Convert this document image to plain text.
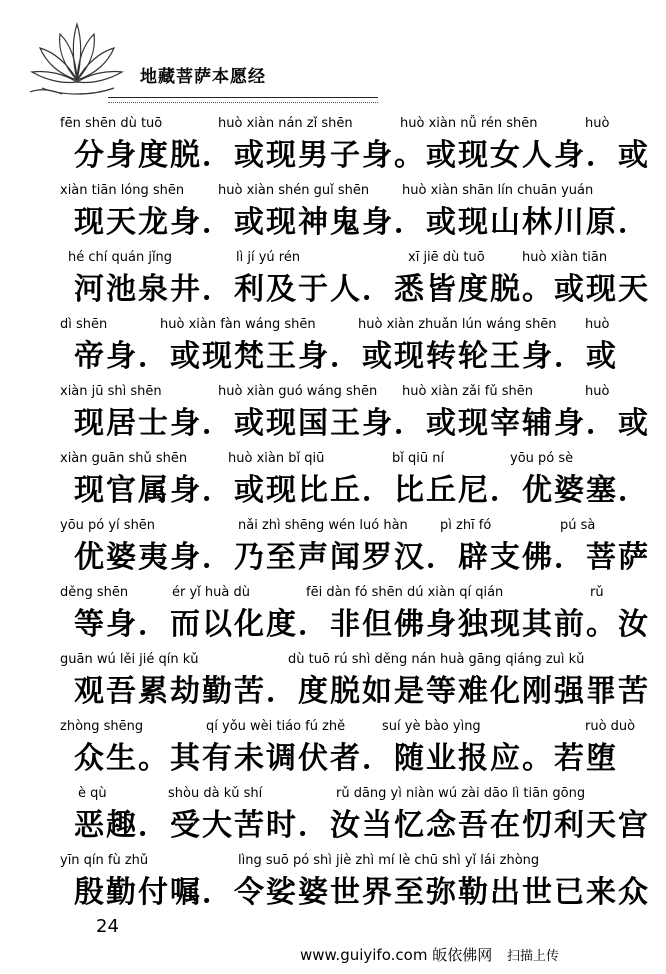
地藏菩萨本愿经
fēn shēn dù tuō	huò xiàn nán zǐ shēn	huò xiàn nǚ rén shēn	huò
分身度脱．或现男子身。或现女人身．或
xiàn tiān lóng shēn	huò xiàn shén guǐ shēn	huò xiàn shān lín chuān yuán
现天龙身．或现神鬼身．或现山林川原．
hé chí quán jǐng	lì jí yú rén	xī jiē dù tuō	huò xiàn tiān
河池泉井．利及于人．悉皆度脱。或现天
dì shēn	huò xiàn fàn wáng shēn	huò xiàn zhuǎn lún wáng shēn huò
帝身．或现梵王身．或现转轮王身．或
xiàn jū shì shēn	huò xiàn guó wáng shēn huò xiàn zǎi fǔ shēn	huò
现居士身．或现国王身．或现宰辅身．或
xiàn guān shǔ shēn	huò xiàn bǐ qiū	bǐ qiū ní	yōu pó sè
现官属身．或现比丘．比丘尼．优婆塞．
yōu pó yí shēn	nǎi zhì shēng wén luó hàn pì zhī fó	pú sà
优婆夷身．乃至声闻罗汉．辟支佛．菩萨
děng shēn	ér yǐ huà dù	fēi dàn fó shēn dú xiàn qí qián	rǔ
等身．而以化度．非但佛身独现其前。汝
guān wú lěi jié qín kǔ	dù tuō rú shì děng nán huà gāng qiáng zuì kǔ
观吾累劫勤苦．度脱如是等难化刚强罪苦
zhòng shēng	qí yǒu wèi tiáo fú zhě	suí yè bào yìng	ruò duò
众生。其有未调伏者．随业报应。若堕
è qù	shòu dà kǔ shí	rǔ dāng yì niàn wú zài dāo lì tiān gōng
恶趣．受大苦时．汝当忆念吾在忉利天宫
yīn qín fù zhǔ	lìng suō pó shì jiè zhì mí lè chū shì yǐ lái zhòng
殷勤付嘱．令娑婆世界至弥勒出世已来众
24
www.guiyifo.com 皈依佛网 扫描上传
